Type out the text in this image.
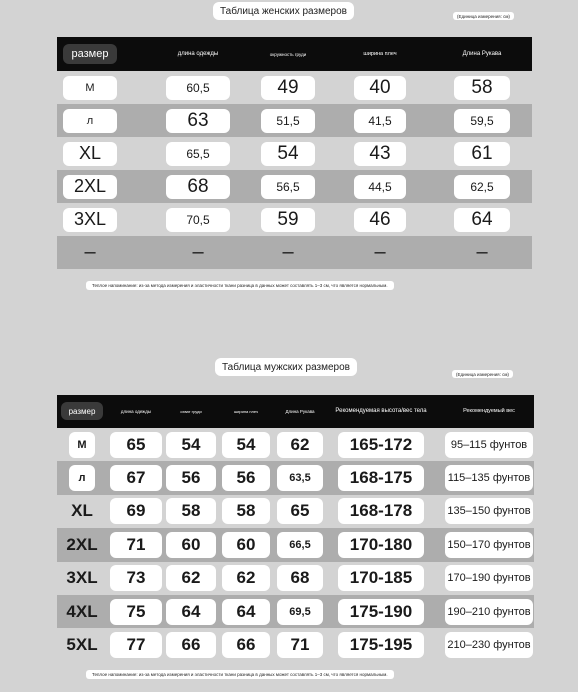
Таблица женских размеров	(Единица измерения: см)
размер	длина одежды	окружность груди	ширина плеч	Длина Рукава
M	60,5	49	40	58
л	63	51,5	41,5	59,5
XL	65,5	54	43	61
2XL	68	56,5	44,5	62,5
3XL	70,5	59	46	64
–	–	–	–	–
Теплое напоминание: из-за метода измерения и эластичности ткани разница в данных может составлять 1–3 см, что является нормальным.
Таблица мужских размеров
(Единица измерения: см)
размер	длина одежды	охват груди	ширина плеч	Длина Рукава	Рекомендуемая высота/вес тела	Рекомендуемый вес
M	65	54	54	62	165-172	95–115 фунтов
л	67	56	56	63,5	168-175	115–135 фунтов
XL	69	58	58	65	168-178	135–150 фунтов
2XL	71	60	60	66,5	170-180	150–170 фунтов
3XL	73	62	62	68	170-185	170–190 фунтов
4XL	75	64	64	69,5	175-190	190–210 фунтов
5XL	77	66	66	71	175-195	210–230 фунтов
Теплое напоминание: из-за метода измерения и эластичности ткани разница в данных может составлять 1–3 см, что является нормальным.
